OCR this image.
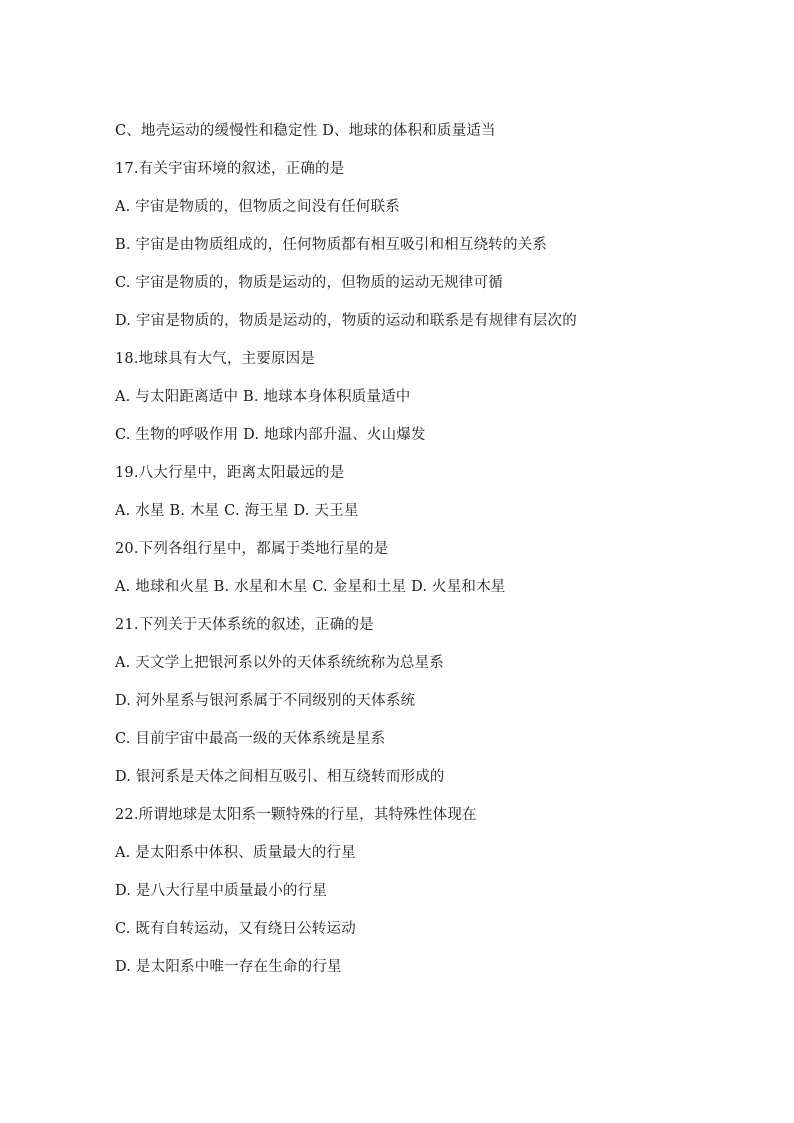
C、地壳运动的缓慢性和稳定性 D、地球的体积和质量适当
17.有关宇宙环境的叙述，正确的是
A. 宇宙是物质的，但物质之间没有任何联系
B. 宇宙是由物质组成的，任何物质都有相互吸引和相互绕转的关系
C. 宇宙是物质的，物质是运动的，但物质的运动无规律可循
D. 宇宙是物质的，物质是运动的，物质的运动和联系是有规律有层次的
18.地球具有大气，主要原因是
A. 与太阳距离适中 B. 地球本身体积质量适中
C. 生物的呼吸作用 D. 地球内部升温、火山爆发
19.八大行星中，距离太阳最远的是
A. 水星 B. 木星 C. 海王星 D. 天王星
20.下列各组行星中，都属于类地行星的是
A. 地球和火星 B. 水星和木星 C. 金星和土星 D. 火星和木星
21.下列关于天体系统的叙述，正确的是
A. 天文学上把银河系以外的天体系统统称为总星系
D. 河外星系与银河系属于不同级别的天体系统
C. 目前宇宙中最高一级的天体系统是星系
D. 银河系是天体之间相互吸引、相互绕转而形成的
22.所谓地球是太阳系一颗特殊的行星，其特殊性体现在
A. 是太阳系中体积、质量最大的行星
D. 是八大行星中质量最小的行星
C. 既有自转运动，又有绕日公转运动
D. 是太阳系中唯一存在生命的行星
